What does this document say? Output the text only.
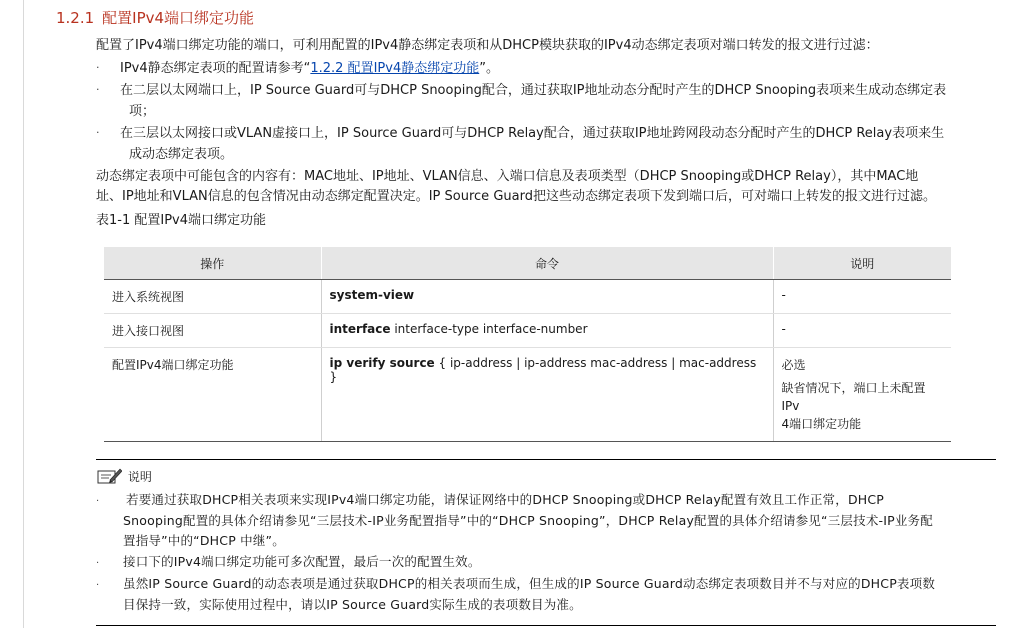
1.2.1 配置IPv4端口绑定功能
配置了IPv4端口绑定功能的端口，可利用配置的IPv4静态绑定表项和从DHCP模块获取的IPv4动态绑定表项对端口转发的报文进行过滤：
· IPv4静态绑定表项的配置请参考“1.2.2 配置IPv4静态绑定功能”。
· 在二层以太网端口上，IP Source Guard可与DHCP Snooping配合，通过获取IP地址动态分配时产生的DHCP Snooping表项来生成动态绑定表
项；
· 在三层以太网接口或VLAN虚接口上，IP Source Guard可与DHCP Relay配合，通过获取IP地址跨网段动态分配时产生的DHCP Relay表项来生
成动态绑定表项。
动态绑定表项中可能包含的内容有：MAC地址、IP地址、VLAN信息、入端口信息及表项类型（DHCP Snooping或DHCP Relay），其中MAC地
址、IP地址和VLAN信息的包含情况由动态绑定配置决定。IP Source Guard把这些动态绑定表项下发到端口后，可对端口上转发的报文进行过滤。
表1-1 配置IPv4端口绑定功能
操作	命令	说明
进入系统视图	system-view	-
进入接口视图	interface interface-type interface-number	-
配置IPv4端口绑定功能	ip verify source { ip-address | ip-address mac-address | mac-address }	必选
缺省情况下，端口上未配置IPv
4端口绑定功能
说明
· 若要通过获取DHCP相关表项来实现IPv4端口绑定功能，请保证网络中的DHCP Snooping或DHCP Relay配置有效且工作正常，DHCP
Snooping配置的具体介绍请参见“三层技术-IP业务配置指导”中的“DHCP Snooping”，DHCP Relay配置的具体介绍请参见“三层技术-IP业务配
置指导”中的“DHCP 中继”。
· 接口下的IPv4端口绑定功能可多次配置，最后一次的配置生效。
· 虽然IP Source Guard的动态表项是通过获取DHCP的相关表项而生成，但生成的IP Source Guard动态绑定表项数目并不与对应的DHCP表项数
目保持一致，实际使用过程中，请以IP Source Guard实际生成的表项数目为准。
